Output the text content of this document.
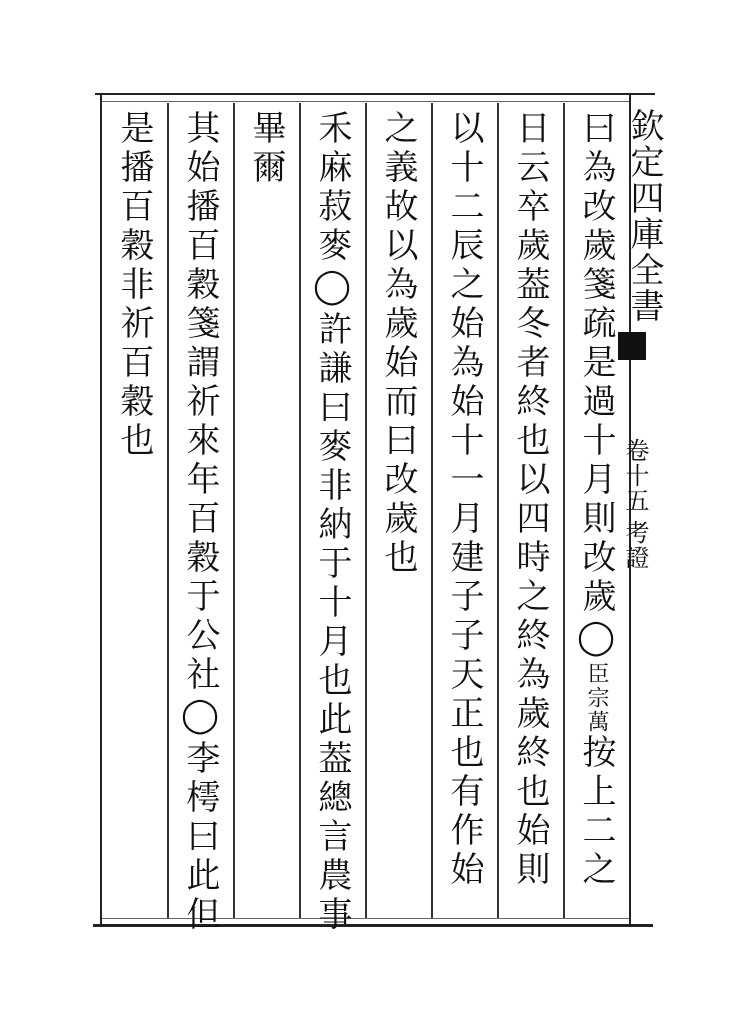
欽定四庫全書
卷十五
考證
曰為改歲箋疏是過十月則改歲◯臣宗萬按上二之
日云卒歲葢冬者終也以四時之終為歲終也始則
以十二辰之始為始十一月建子子天正也有作始
之義故以為歲始而曰改歲也
禾麻菽麥◯許謙曰麥非納于十月也此葢總言農事
畢爾
其始播百穀箋謂祈來年百穀于公社◯李樗曰此但
是播百穀非祈百穀也
